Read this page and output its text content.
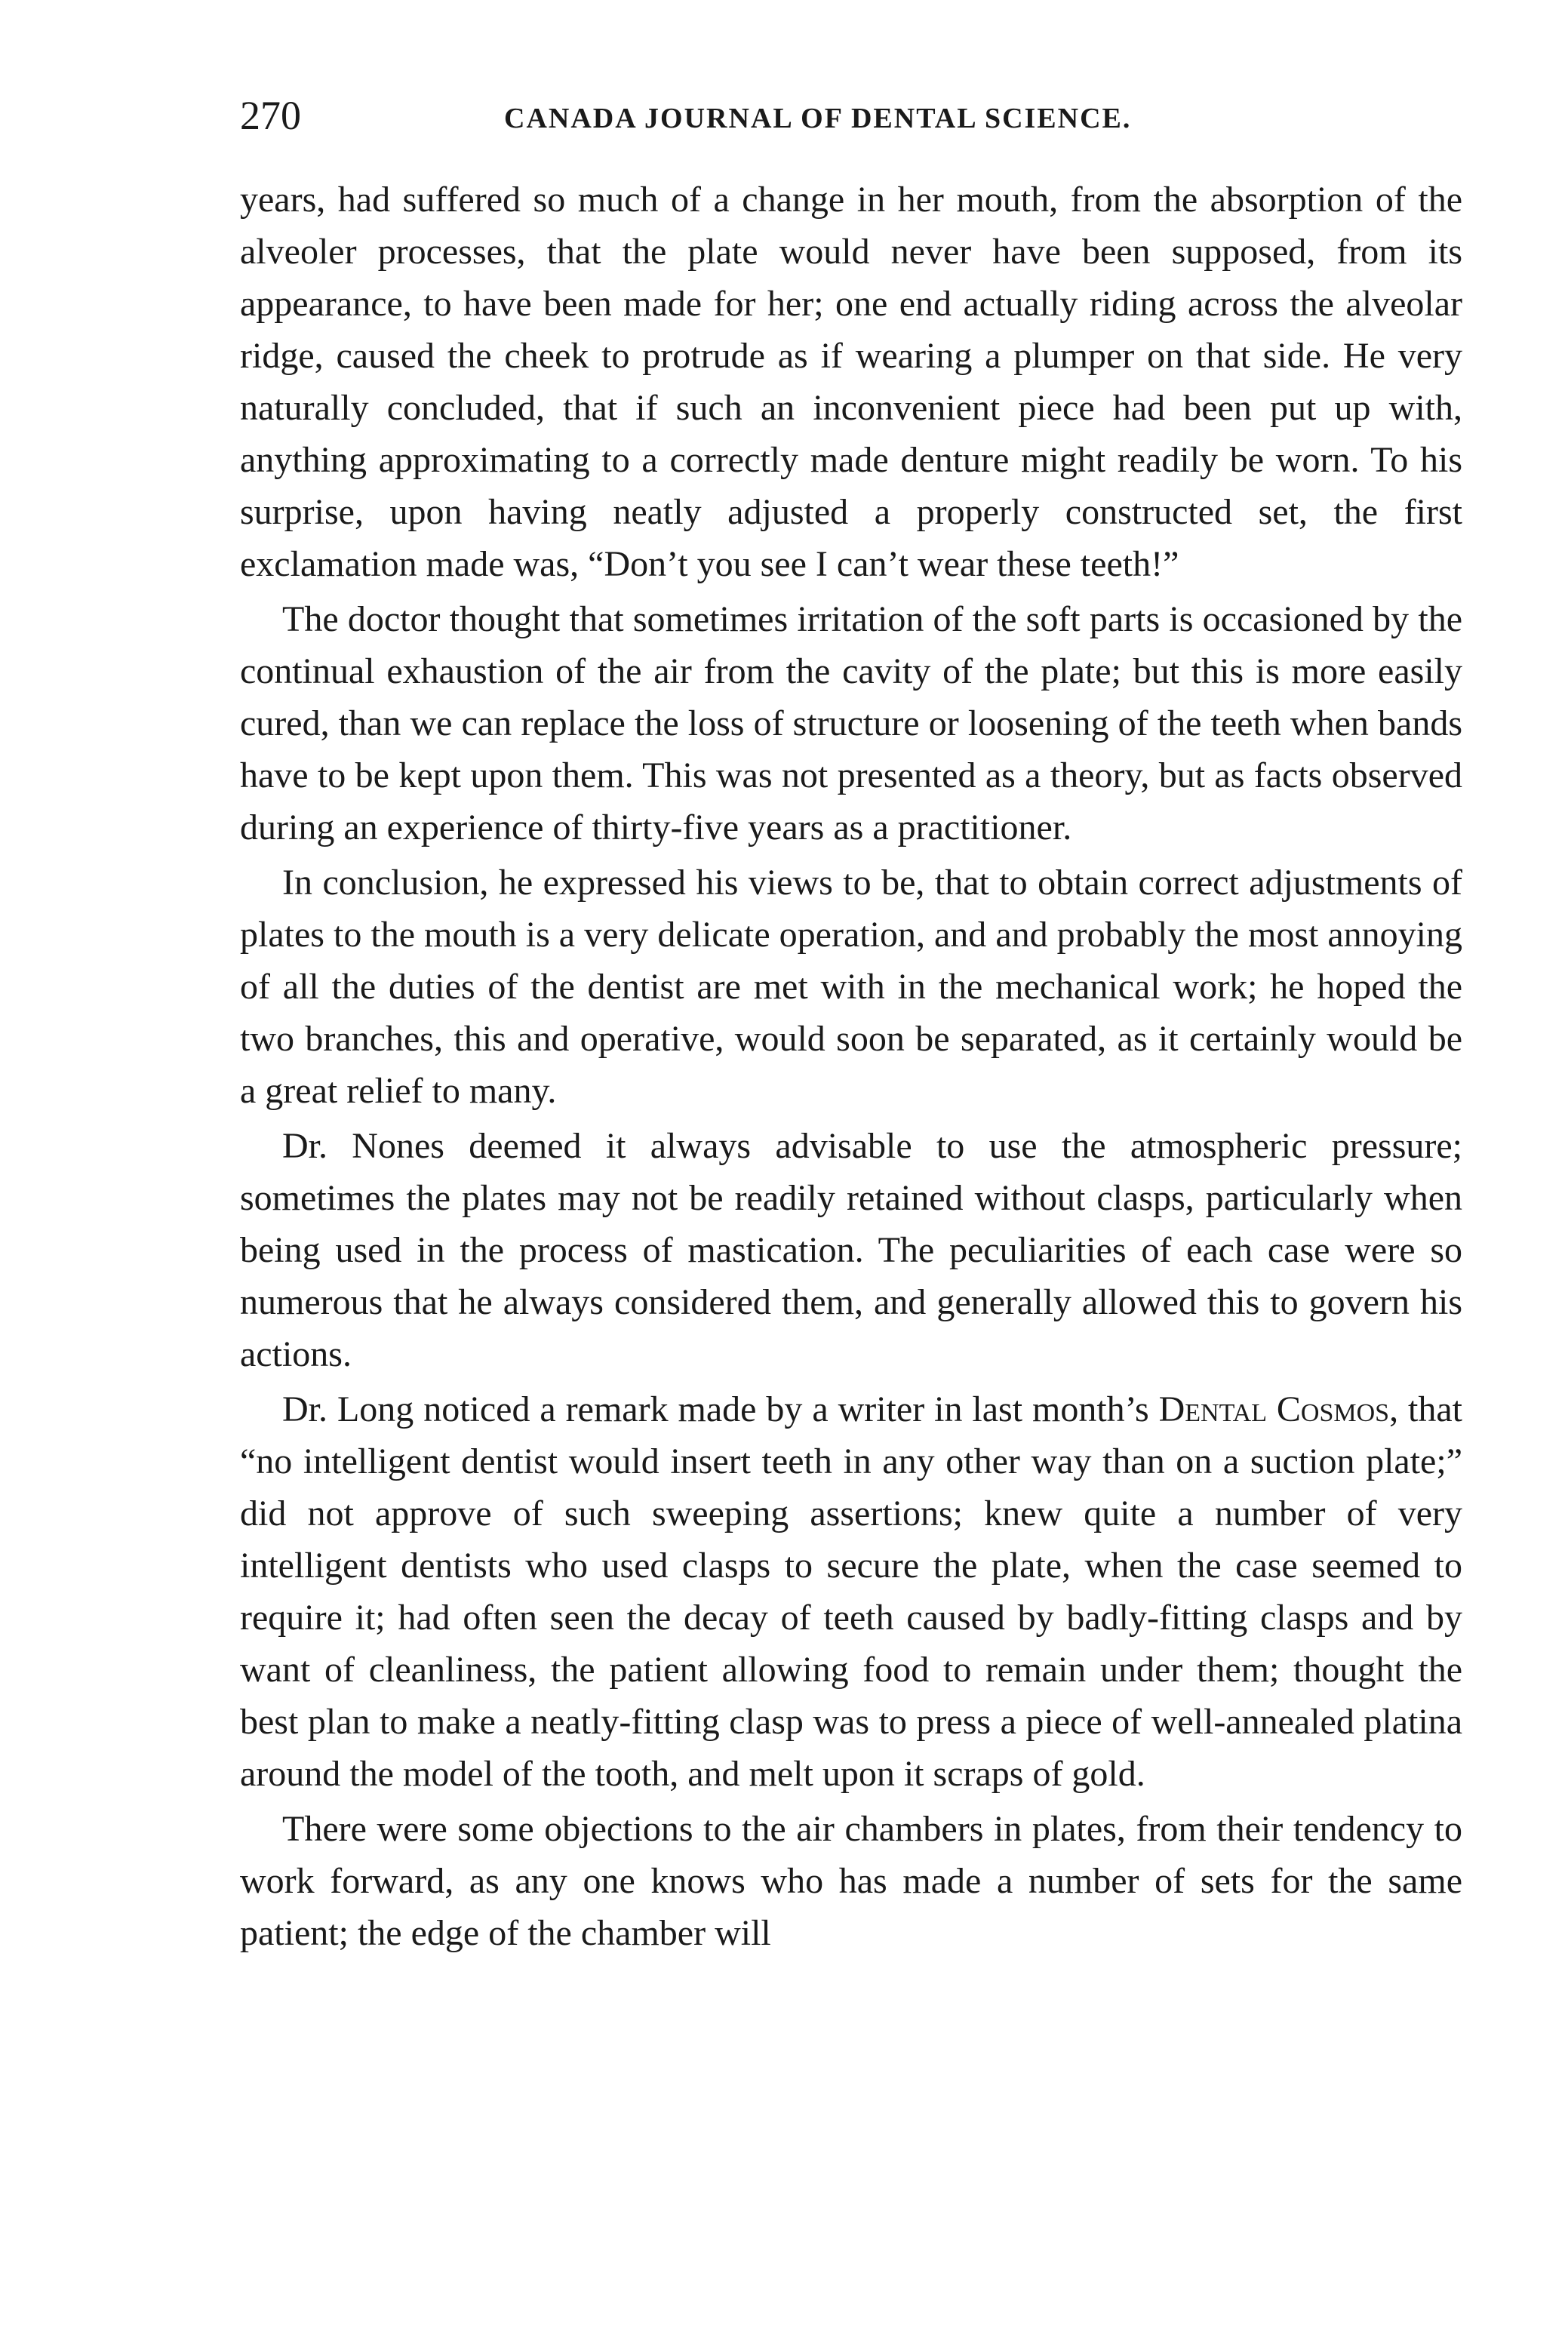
270	CANADA JOURNAL OF DENTAL SCIENCE.

years, had suffered so much of a change in her mouth, from the absorption of the alveoler processes, that the plate would never have been supposed, from its appearance, to have been made for her; one end actually riding across the alveolar ridge, caused the cheek to protrude as if wearing a plumper on that side. He very naturally concluded, that if such an inconvenient piece had been put up with, anything approximating to a correctly made denture might readily be worn. To his surprise, upon having neatly adjusted a properly constructed set, the first exclamation made was, “Don’t you see I can’t wear these teeth!”

The doctor thought that sometimes irritation of the soft parts is occasioned by the continual exhaustion of the air from the cavity of the plate; but this is more easily cured, than we can replace the loss of structure or loosening of the teeth when bands have to be kept upon them. This was not presented as a theory, but as facts observed during an experience of thirty-five years as a practitioner.

In conclusion, he expressed his views to be, that to obtain correct adjustments of plates to the mouth is a very delicate operation, and and probably the most annoying of all the duties of the dentist are met with in the mechanical work; he hoped the two branches, this and operative, would soon be separated, as it certainly would be a great relief to many.

Dr. Nones deemed it always advisable to use the atmospheric pressure; sometimes the plates may not be readily retained without clasps, particularly when being used in the process of mastication. The peculiarities of each case were so numerous that he always considered them, and generally allowed this to govern his actions.

Dr. Long noticed a remark made by a writer in last month’s Dental Cosmos, that “no intelligent dentist would insert teeth in any other way than on a suction plate;” did not approve of such sweeping assertions; knew quite a number of very intelligent dentists who used clasps to secure the plate, when the case seemed to require it; had often seen the decay of teeth caused by badly-fitting clasps and by want of cleanliness, the patient allowing food to remain under them; thought the best plan to make a neatly-fitting clasp was to press a piece of well-annealed platina around the model of the tooth, and melt upon it scraps of gold.

There were some objections to the air chambers in plates, from their tendency to work forward, as any one knows who has made a number of sets for the same patient; the edge of the chamber will
